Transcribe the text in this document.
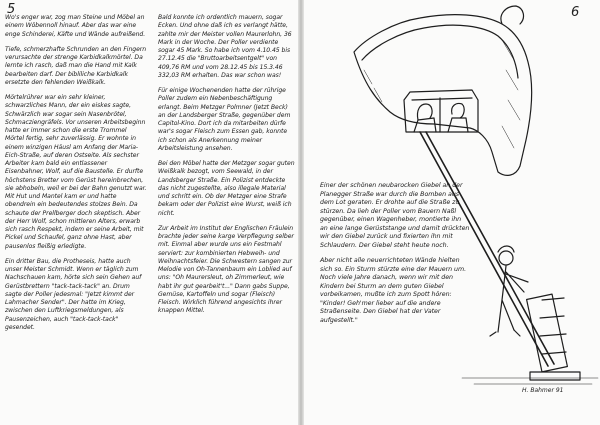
5	6

Wo's enger war, zog man Steine und Möbel an einem Wöbennoll hinauf. Aber das war eine enge Schinderei, Käfte und Wände aufreißend.

Tiefe, schmerzhafte Schrunden an den Fingern verursachte der strenge Karbidkalkmörtel. Da lernte ich rasch, daß man die Hand mit Kalk bearbeiten darf. Der bibliliche Karbidkalk ersetzte den fehlenden Weißkalk.

Mörtelrührer war ein sehr kleiner, schwarzliches Mann, der ein eiskes sagte, Schwärzlich war sogar sein Nasenbrötel, Schmacziengräfels. Vor unseren Arbeitsbeginn hatte er immer schon die erste Trommel Mörtel fertig, sehr zuverlässig. Er wohnte in einem winzigen Häusl am Anfang der Maria-Eich-Straße, auf deren Ostseite. Als sechster Arbeiter kam bald ein entlassener Eisenbahner, Wolf, auf die Baustelle. Er durfte höchstens Bretter vom Gerüst hereinbrechen, sie abhobeln, weil er bei der Bahn genutzt war. Mit Hut und Mantel kam er und hatte obendrein ein bedeutendes stolzes Bein. Da schaute der Prellberger doch skeptisch. Aber der Herr Wolf, schon mittleren Alters, erwarb sich rasch Respekt, indem er seine Arbeit, mit Pickel und Schaufel, ganz ohne Hast, aber pausenlos fleißig erledigte.

Ein dritter Bau, die Protheseis, hatte auch unser Meister Schmidt. Wenn er täglich zum Nachschauen kam, hörte sich sein Gehen auf Gerüstbrettern "tack-tack-tack" an. Drum sagte der Poller jedesmal: "Jetzt kimmt der Lahmacher Sender". Der hatte im Krieg, zwischen den Luftkriegsmeldungen, als Pausenzeichen, auch "tack-tack-tack" gesendet.

Bald konnte ich ordentlich mauern, sogar Ecken. Und ohne daß ich es verlangt hätte, zahlte mir der Meister vollen Maurerlohn, 36 Mark in der Woche. Der Poller verdiente sogar 45 Mark. So habe ich vom 4.10.45 bis 27.12.45 die "Bruttoarbeitsentgelt" von 409,76 RM und vom 28.12.45 bis 15.3.46 332,03 RM erhalten. Das war schon was!

Für einige Wochenenden hatte der rührige Poller zudem ein Nebenbeschäftigung erlangt. Beim Metzger Polmner (Jetzt Beck) an der Landsberger Straße, gegenüber dem Capitol-Kino. Dort ich da mitarbeiten dürfe war's sogar Fleisch zum Essen gab, konnte ich schon als Anerkennung meiner Arbeitsleistung ansehen.

Bei den Möbel hatte der Metzger sogar guten Weißkalk bezogt, vom Seewald, in der Landsberger Straße. Ein Polizist entdeckte das nicht zugestellte, also illegale Material und schritt ein. Ob der Metzger eine Strafe bekam oder der Polizist eine Wurst, weiß ich nicht.

Zur Arbeit im Institut der Englischen Fräulein brachte jeder seine karge Verpflegung selber mit. Einmal aber wurde uns ein Festmahl serviert: zur kombinierten Hebweih- und Weihnachtsfeier. Die Schwestern sangen zur Melodie von Oh-Tannenbaum ein Loblied auf uns: "Oh Maurersleut, oh Zimmerleut, wie habt ihr gut gearbeit't..." Dann gabs Suppe, Gemüse, Kartoffeln und sogar (Fleisch) Fleisch. Wirklich führend angesichts ihrer knappen Mittel.

H. Bahmer 91

Einer der schönen neubarocken Giebel an der Planegger Straße war durch die Bomben aus dem Lot geraten. Er drohte auf die Straße zu stürzen. Da lieh der Poller vom Bauern Naßl gegenüber, einen Wagenheber, montierte ihn an eine lange Gerüststange und damit drückten wir den Giebel zurück und fixierten ihn mit Schlaudern. Der Giebel steht heute noch.

Aber nicht alle neuerrichteten Wände hielten sich so. Ein Sturm stürzte eine der Mauern um. Noch viele Jahre danach, wenn wir mit den Kindern bei Sturm an dem guten Giebel vorbeikamen, mußte ich zum Spott hören: "Kinder! Geh'mer lieber auf die andere Straßenseite. Den Giebel hat der Vater aufgestellt."
